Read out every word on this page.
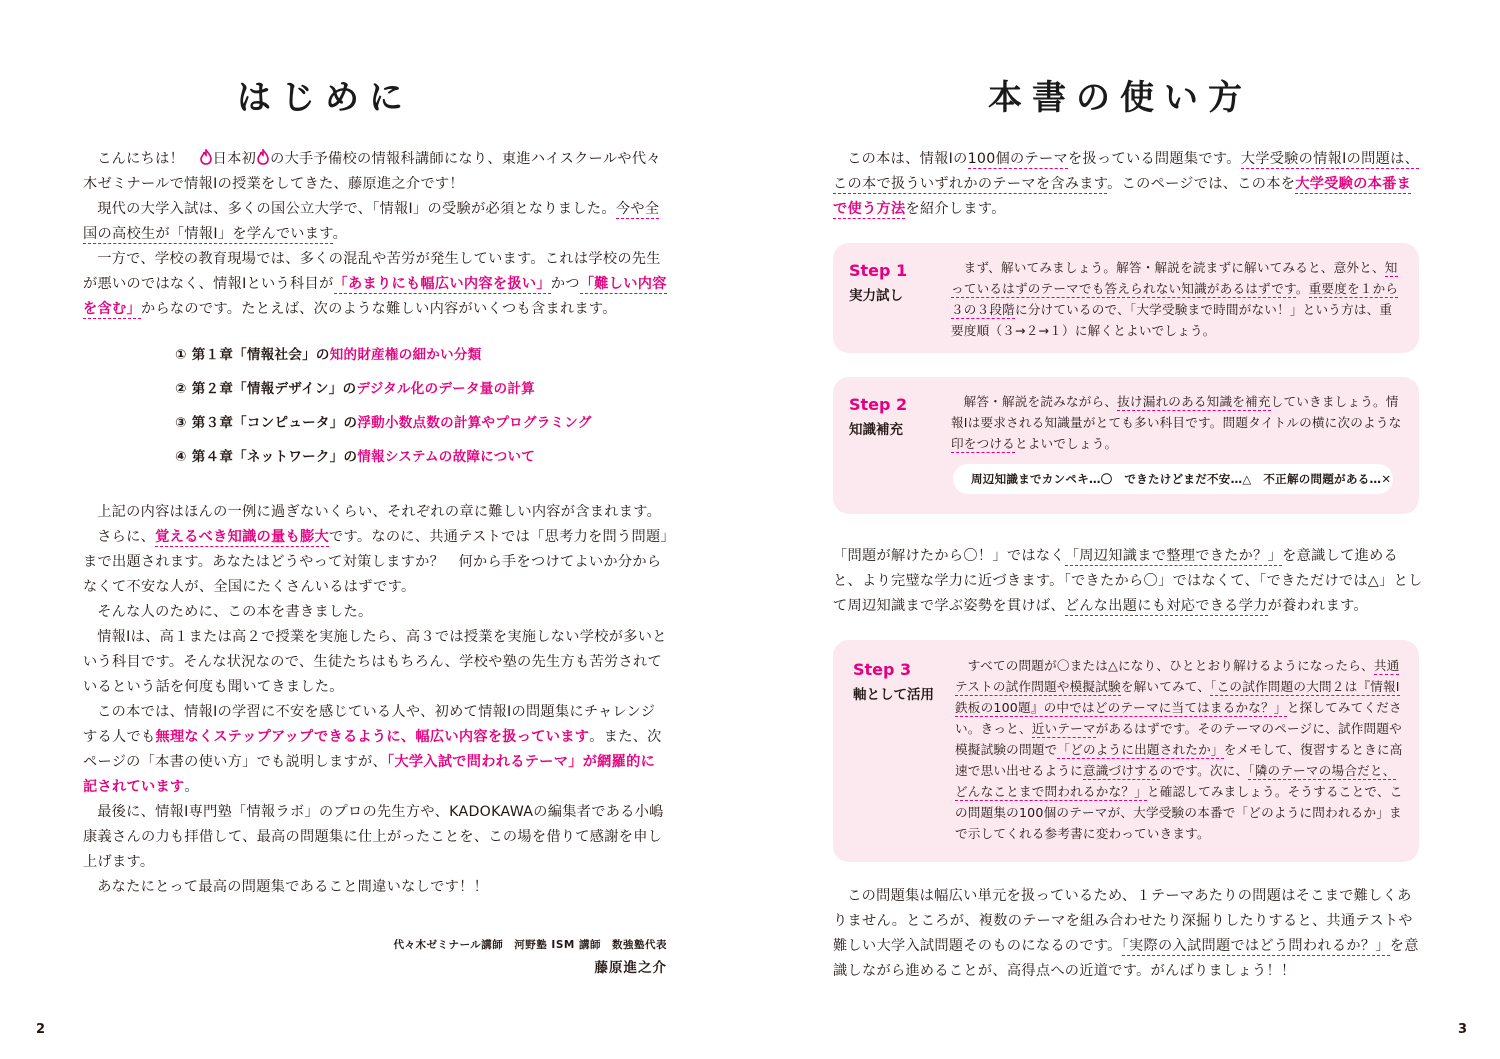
はじめに

こんにちは！　日本初 の大手予備校の情報科講師になり、東進ハイスクールや代々木ゼミナールで情報Ⅰの授業をしてきた、藤原進之介です！

現代の大学入試は、多くの国公立大学で、「情報Ⅰ」の受験が必須となりました。今や全国の高校生が「情報Ⅰ」を学んでいます。

一方で、学校の教育現場では、多くの混乱や苦労が発生しています。これは学校の先生が悪いのではなく、情報Ⅰという科目が「あまりにも幅広い内容を扱い」かつ「難しい内容を含む」からなのです。たとえば、次のような難しい内容がいくつも含まれます。

① 第１章「情報社会」の知的財産権の細かい分類
② 第２章「情報デザイン」のデジタル化のデータ量の計算
③ 第３章「コンピュータ」の浮動小数点数の計算やプログラミング
④ 第４章「ネットワーク」の情報システムの故障について

上記の内容はほんの一例に過ぎないくらい、それぞれの章に難しい内容が含まれます。

さらに、覚えるべき知識の量も膨大です。なのに、共通テストでは「思考力を問う問題」まで出題されます。あなたはどうやって対策しますか？　何から手をつけてよいか分からなくて不安な人が、全国にたくさんいるはずです。

そんな人のために、この本を書きました。

情報Ⅰは、高１または高２で授業を実施したら、高３では授業を実施しない学校が多いという科目です。そんな状況なので、生徒たちはもちろん、学校や塾の先生方も苦労されているという話を何度も聞いてきました。

この本では、情報Ⅰの学習に不安を感じている人や、初めて情報Ⅰの問題集にチャレンジする人でも無理なくステップアップできるように、幅広い内容を扱っています。また、次ページの「本書の使い方」でも説明しますが、「大学入試で問われるテーマ」が網羅的に記されています。

最後に、情報Ⅰ専門塾「情報ラボ」のプロの先生方や、KADOKAWAの編集者である小嶋康義さんの力も拝借して、最高の問題集に仕上がったことを、この場を借りて感謝を申し上げます。

あなたにとって最高の問題集であること間違いなしです！！

代々木ゼミナール講師　河野塾 ISM 講師　数強塾代表
藤原進之介
2
本書の使い方

この本は、情報Ⅰの100個のテーマを扱っている問題集です。大学受験の情報Ⅰの問題は、この本で扱ういずれかのテーマを含みます。このページでは、この本を大学受験の本番まで使う方法を紹介します。

Step 1
実力試し
まず、解いてみましょう。解答・解説を読まずに解いてみると、意外と、知っているはずのテーマでも答えられない知識があるはずです。重要度を１から３の３段階に分けているので、「大学受験まで時間がない！」という方は、重要度順（３→２→１）に解くとよいでしょう。
Step 2
知識補充
解答・解説を読みながら、抜け漏れのある知識を補充していきましょう。情報Ⅰは要求される知識量がとても多い科目です。問題タイトルの横に次のような印をつけるとよいでしょう。
周辺知識までカンペキ…〇　できたけどまだ不安…△　不正解の問題がある…✕

「問題が解けたから〇！」ではなく「周辺知識まで整理できたか？」を意識して進めると、より完璧な学力に近づきます。「できたから〇」ではなくて、「できただけでは△」として周辺知識まで学ぶ姿勢を貫けば、どんな出題にも対応できる学力が養われます。

Step 3
軸として活用
すべての問題が〇または△になり、ひととおり解けるようになったら、共通テストの試作問題や模擬試験を解いてみて、「この試作問題の大問２は『情報Ⅰ 鉄板の100題』の中ではどのテーマに当てはまるかな？」と探してみてください。きっと、近いテーマがあるはずです。そのテーマのページに、試作問題や模擬試験の問題で「どのように出題されたか」をメモして、復習するときに高速で思い出せるように意識づけするのです。次に、「隣のテーマの場合だと、どんなことまで問われるかな？」と確認してみましょう。そうすることで、この問題集の100個のテーマが、大学受験の本番で「どのように問われるか」まで示してくれる参考書に変わっていきます。

この問題集は幅広い単元を扱っているため、１テーマあたりの問題はそこまで難しくありません。ところが、複数のテーマを組み合わせたり深掘りしたりすると、共通テストや難しい大学入試問題そのものになるのです。「実際の入試問題ではどう問われるか？」を意識しながら進めることが、高得点への近道です。がんばりましょう！！

3
